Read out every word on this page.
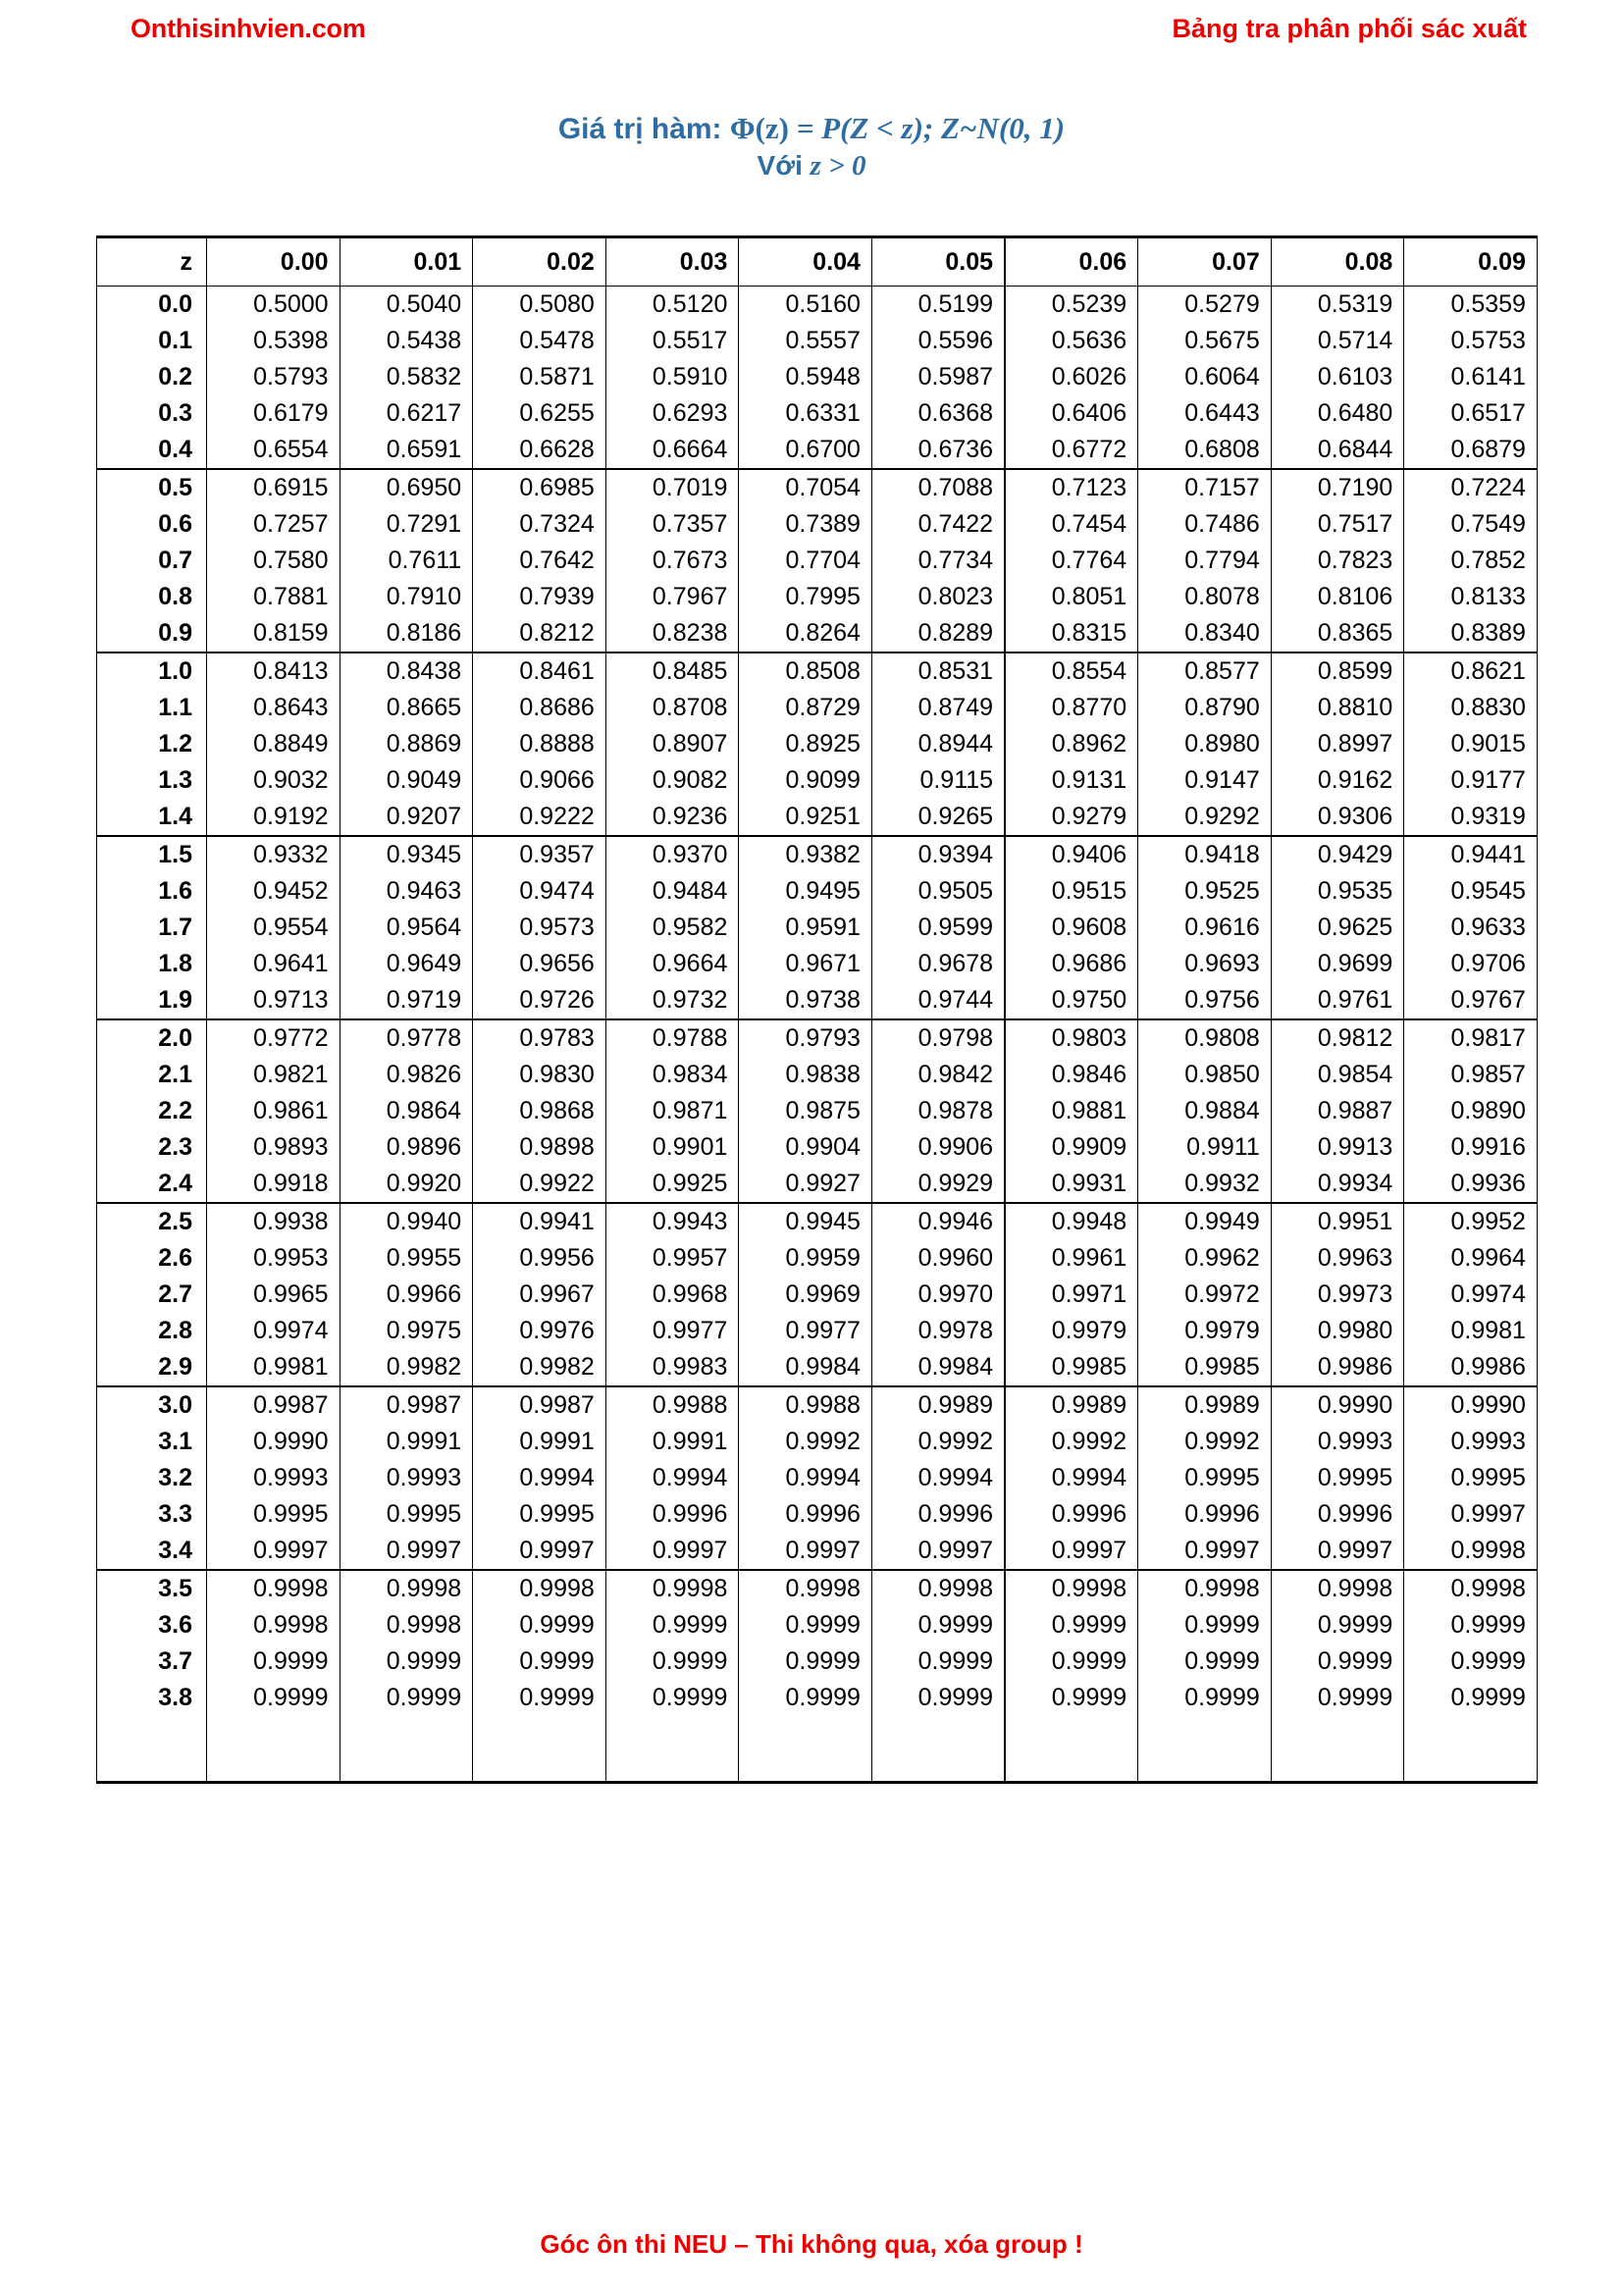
Onthisinhvien.com	Bảng tra phân phối sác xuất
Giá trị hàm: Φ(z) = P(Z < z); Z~N(0, 1)
Với z > 0
z	0.00	0.01	0.02	0.03	0.04	0.05	0.06	0.07	0.08	0.09
0.0	0.5000	0.5040	0.5080	0.5120	0.5160	0.5199	0.5239	0.5279	0.5319	0.5359
0.1	0.5398	0.5438	0.5478	0.5517	0.5557	0.5596	0.5636	0.5675	0.5714	0.5753
0.2	0.5793	0.5832	0.5871	0.5910	0.5948	0.5987	0.6026	0.6064	0.6103	0.6141
0.3	0.6179	0.6217	0.6255	0.6293	0.6331	0.6368	0.6406	0.6443	0.6480	0.6517
0.4	0.6554	0.6591	0.6628	0.6664	0.6700	0.6736	0.6772	0.6808	0.6844	0.6879
0.5	0.6915	0.6950	0.6985	0.7019	0.7054	0.7088	0.7123	0.7157	0.7190	0.7224
0.6	0.7257	0.7291	0.7324	0.7357	0.7389	0.7422	0.7454	0.7486	0.7517	0.7549
0.7	0.7580	0.7611	0.7642	0.7673	0.7704	0.7734	0.7764	0.7794	0.7823	0.7852
0.8	0.7881	0.7910	0.7939	0.7967	0.7995	0.8023	0.8051	0.8078	0.8106	0.8133
0.9	0.8159	0.8186	0.8212	0.8238	0.8264	0.8289	0.8315	0.8340	0.8365	0.8389
1.0	0.8413	0.8438	0.8461	0.8485	0.8508	0.8531	0.8554	0.8577	0.8599	0.8621
1.1	0.8643	0.8665	0.8686	0.8708	0.8729	0.8749	0.8770	0.8790	0.8810	0.8830
1.2	0.8849	0.8869	0.8888	0.8907	0.8925	0.8944	0.8962	0.8980	0.8997	0.9015
1.3	0.9032	0.9049	0.9066	0.9082	0.9099	0.9115	0.9131	0.9147	0.9162	0.9177
1.4	0.9192	0.9207	0.9222	0.9236	0.9251	0.9265	0.9279	0.9292	0.9306	0.9319
1.5	0.9332	0.9345	0.9357	0.9370	0.9382	0.9394	0.9406	0.9418	0.9429	0.9441
1.6	0.9452	0.9463	0.9474	0.9484	0.9495	0.9505	0.9515	0.9525	0.9535	0.9545
1.7	0.9554	0.9564	0.9573	0.9582	0.9591	0.9599	0.9608	0.9616	0.9625	0.9633
1.8	0.9641	0.9649	0.9656	0.9664	0.9671	0.9678	0.9686	0.9693	0.9699	0.9706
1.9	0.9713	0.9719	0.9726	0.9732	0.9738	0.9744	0.9750	0.9756	0.9761	0.9767
2.0	0.9772	0.9778	0.9783	0.9788	0.9793	0.9798	0.9803	0.9808	0.9812	0.9817
2.1	0.9821	0.9826	0.9830	0.9834	0.9838	0.9842	0.9846	0.9850	0.9854	0.9857
2.2	0.9861	0.9864	0.9868	0.9871	0.9875	0.9878	0.9881	0.9884	0.9887	0.9890
2.3	0.9893	0.9896	0.9898	0.9901	0.9904	0.9906	0.9909	0.9911	0.9913	0.9916
2.4	0.9918	0.9920	0.9922	0.9925	0.9927	0.9929	0.9931	0.9932	0.9934	0.9936
2.5	0.9938	0.9940	0.9941	0.9943	0.9945	0.9946	0.9948	0.9949	0.9951	0.9952
2.6	0.9953	0.9955	0.9956	0.9957	0.9959	0.9960	0.9961	0.9962	0.9963	0.9964
2.7	0.9965	0.9966	0.9967	0.9968	0.9969	0.9970	0.9971	0.9972	0.9973	0.9974
2.8	0.9974	0.9975	0.9976	0.9977	0.9977	0.9978	0.9979	0.9979	0.9980	0.9981
2.9	0.9981	0.9982	0.9982	0.9983	0.9984	0.9984	0.9985	0.9985	0.9986	0.9986
3.0	0.9987	0.9987	0.9987	0.9988	0.9988	0.9989	0.9989	0.9989	0.9990	0.9990
3.1	0.9990	0.9991	0.9991	0.9991	0.9992	0.9992	0.9992	0.9992	0.9993	0.9993
3.2	0.9993	0.9993	0.9994	0.9994	0.9994	0.9994	0.9994	0.9995	0.9995	0.9995
3.3	0.9995	0.9995	0.9995	0.9996	0.9996	0.9996	0.9996	0.9996	0.9996	0.9997
3.4	0.9997	0.9997	0.9997	0.9997	0.9997	0.9997	0.9997	0.9997	0.9997	0.9998
3.5	0.9998	0.9998	0.9998	0.9998	0.9998	0.9998	0.9998	0.9998	0.9998	0.9998
3.6	0.9998	0.9998	0.9999	0.9999	0.9999	0.9999	0.9999	0.9999	0.9999	0.9999
3.7	0.9999	0.9999	0.9999	0.9999	0.9999	0.9999	0.9999	0.9999	0.9999	0.9999
3.8	0.9999	0.9999	0.9999	0.9999	0.9999	0.9999	0.9999	0.9999	0.9999	0.9999

Góc ôn thi NEU – Thi không qua, xóa group !
